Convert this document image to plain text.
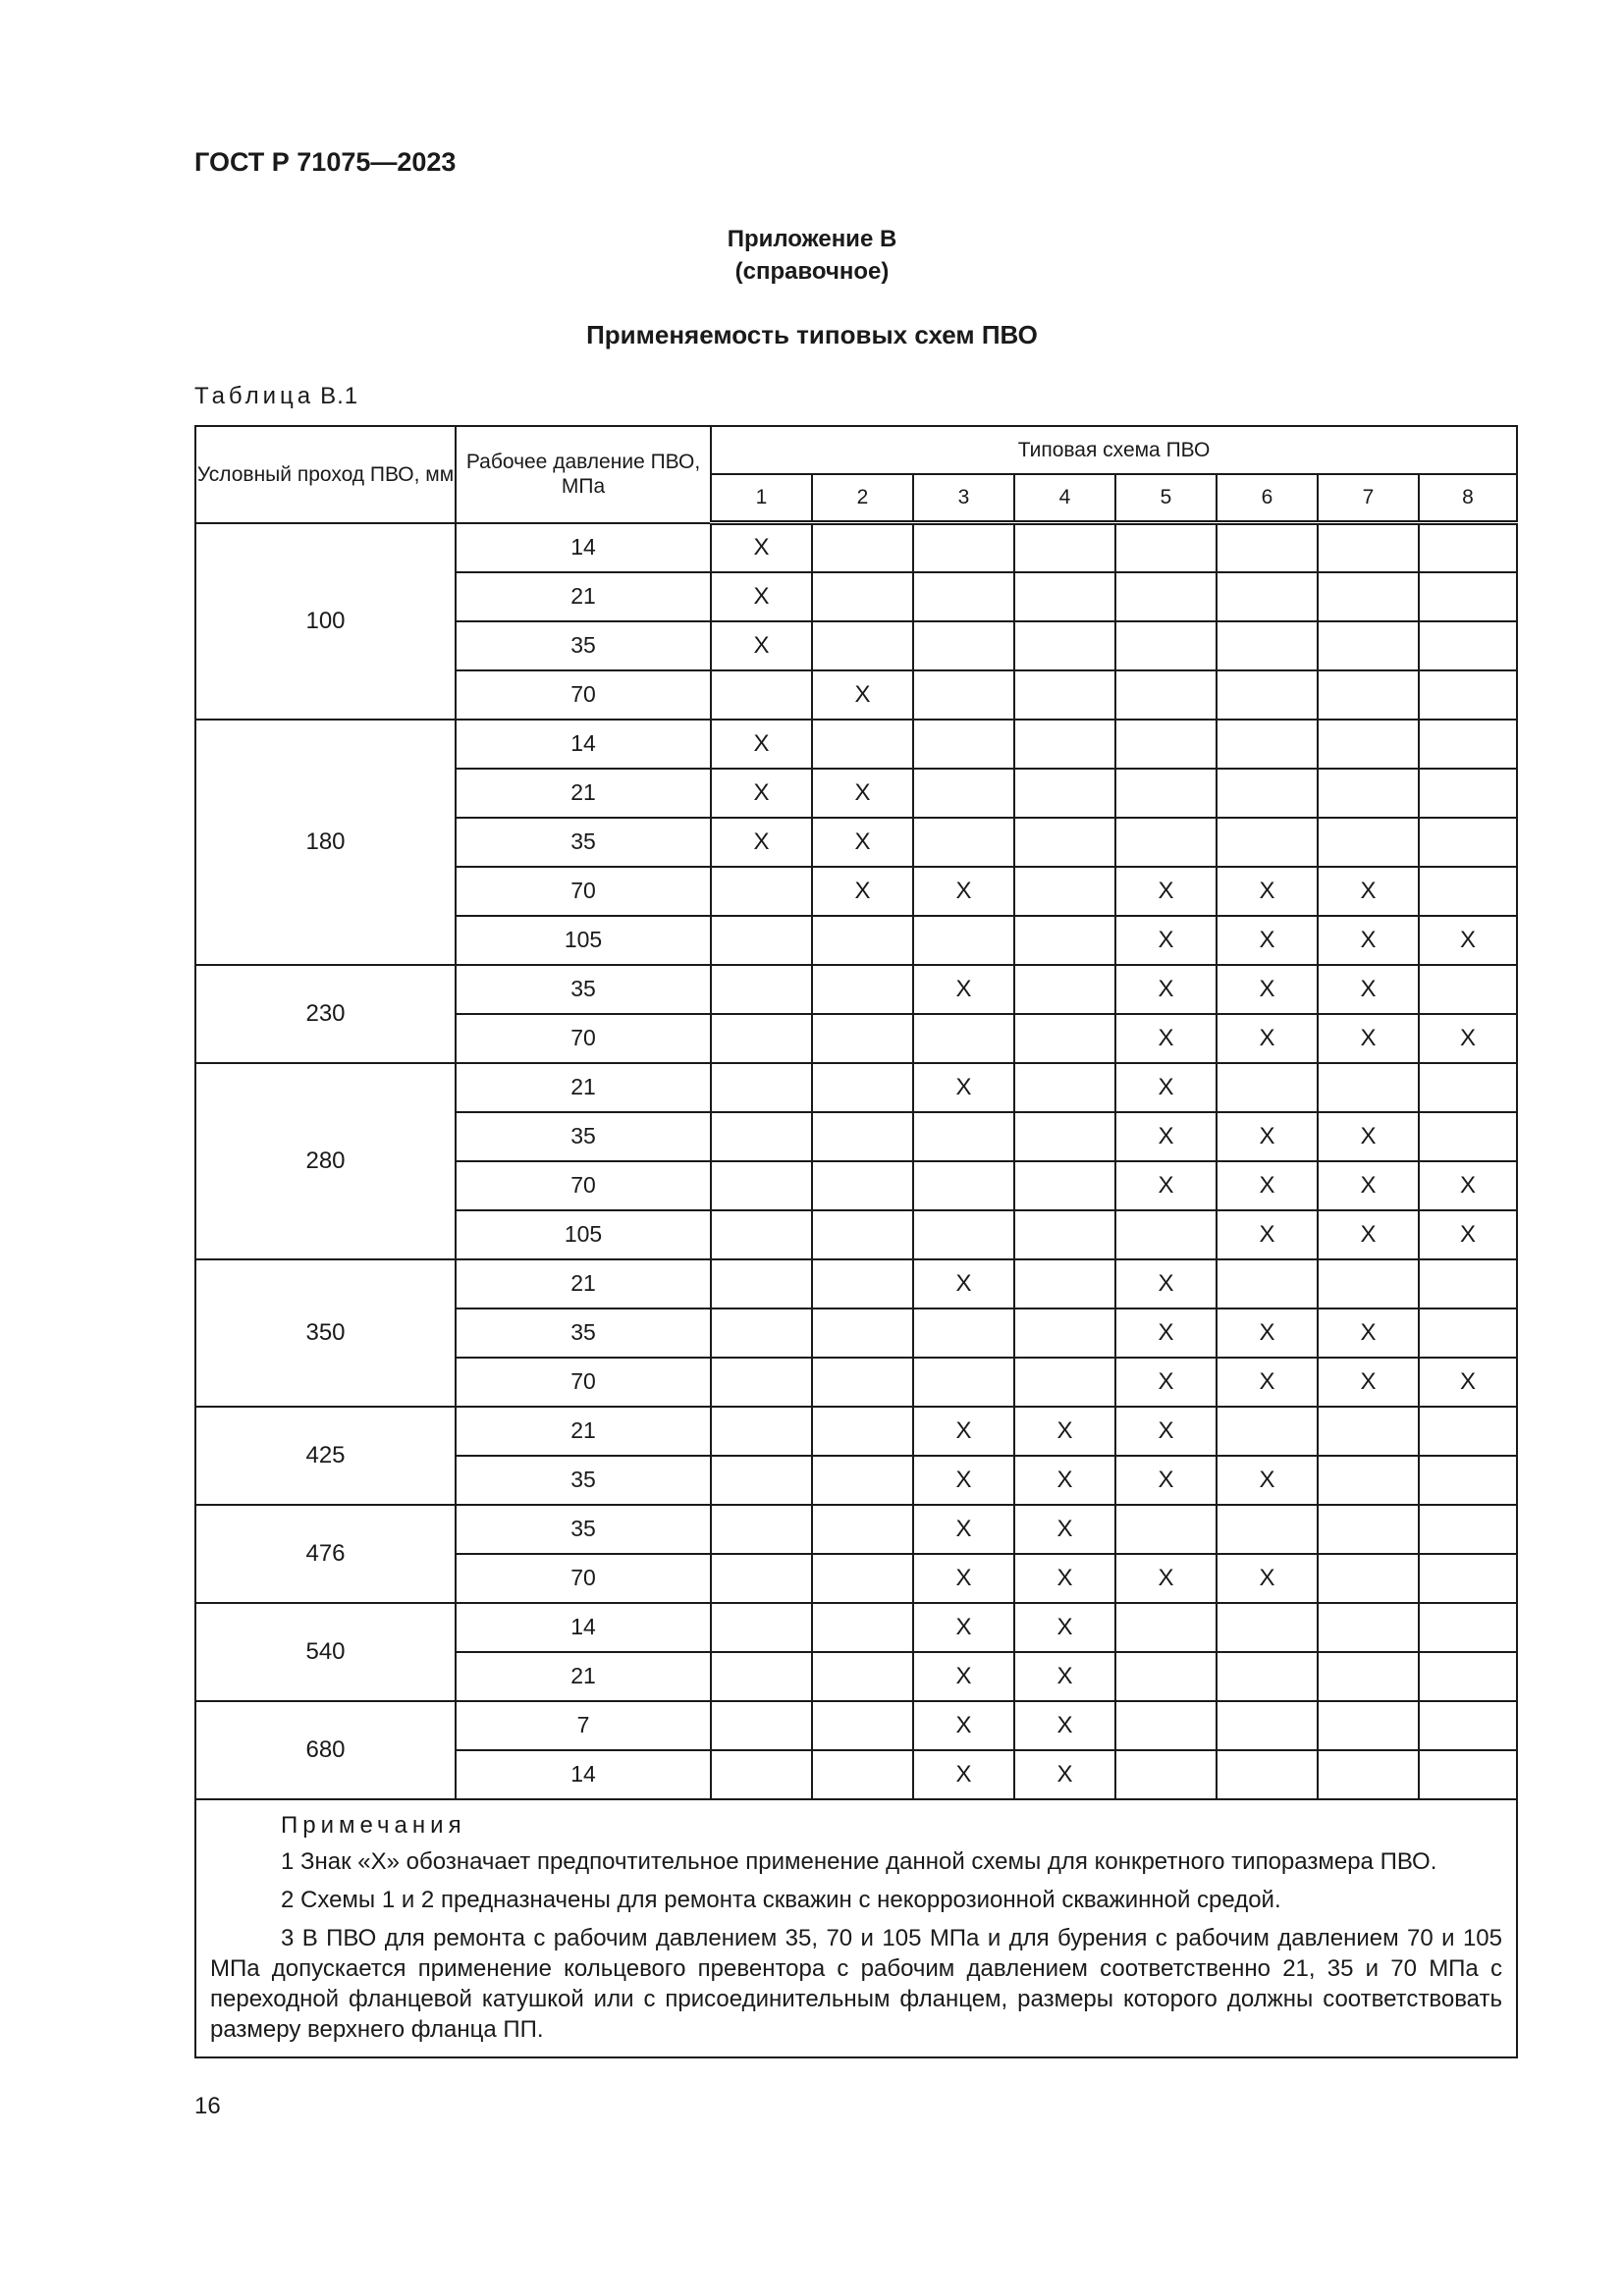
ГОСТ Р 71075—2023
Приложение В
(справочное)
Применяемость типовых схем ПВО
Таблица В.1
Условный проход ПВО, мм	Рабочее давление ПВО, МПа	Типовая схема ПВО							
		1	2	3	4	5	6	7	8
100	14	X							
	21	X							
	35	X							
	70		X						
180	14	X							
	21	X	X						
	35	X	X						
	70		X	X		X	X	X	
	105					X	X	X	X
230	35			X		X	X	X	
	70					X	X	X	X
280	21			X		X			
	35					X	X	X	
	70					X	X	X	X
	105						X	X	X
350	21			X		X			
	35					X	X	X	
	70					X	X	X	X
425	21			X	X	X			
	35			X	X	X	X		
476	35			X	X				
	70			X	X	X	X		
540	14			X	X				
	21			X	X				
680	7			X	X				
	14			X	X				

Примечания

1 Знак «Х» обозначает предпочтительное применение данной схемы для конкретного типоразмера ПВО.

2 Схемы 1 и 2 предназначены для ремонта скважин с некоррозионной скважинной средой.

3 В ПВО для ремонта с рабочим давлением 35, 70 и 105 МПа и для бурения с рабочим давлением 70 и 105 МПа допускается применение кольцевого превентора с рабочим давлением соответственно 21, 35 и 70 МПа с переходной фланцевой катушкой или с присоединительным фланцем, размеры которого должны соответствовать размеру верхнего фланца ПП.									

16
